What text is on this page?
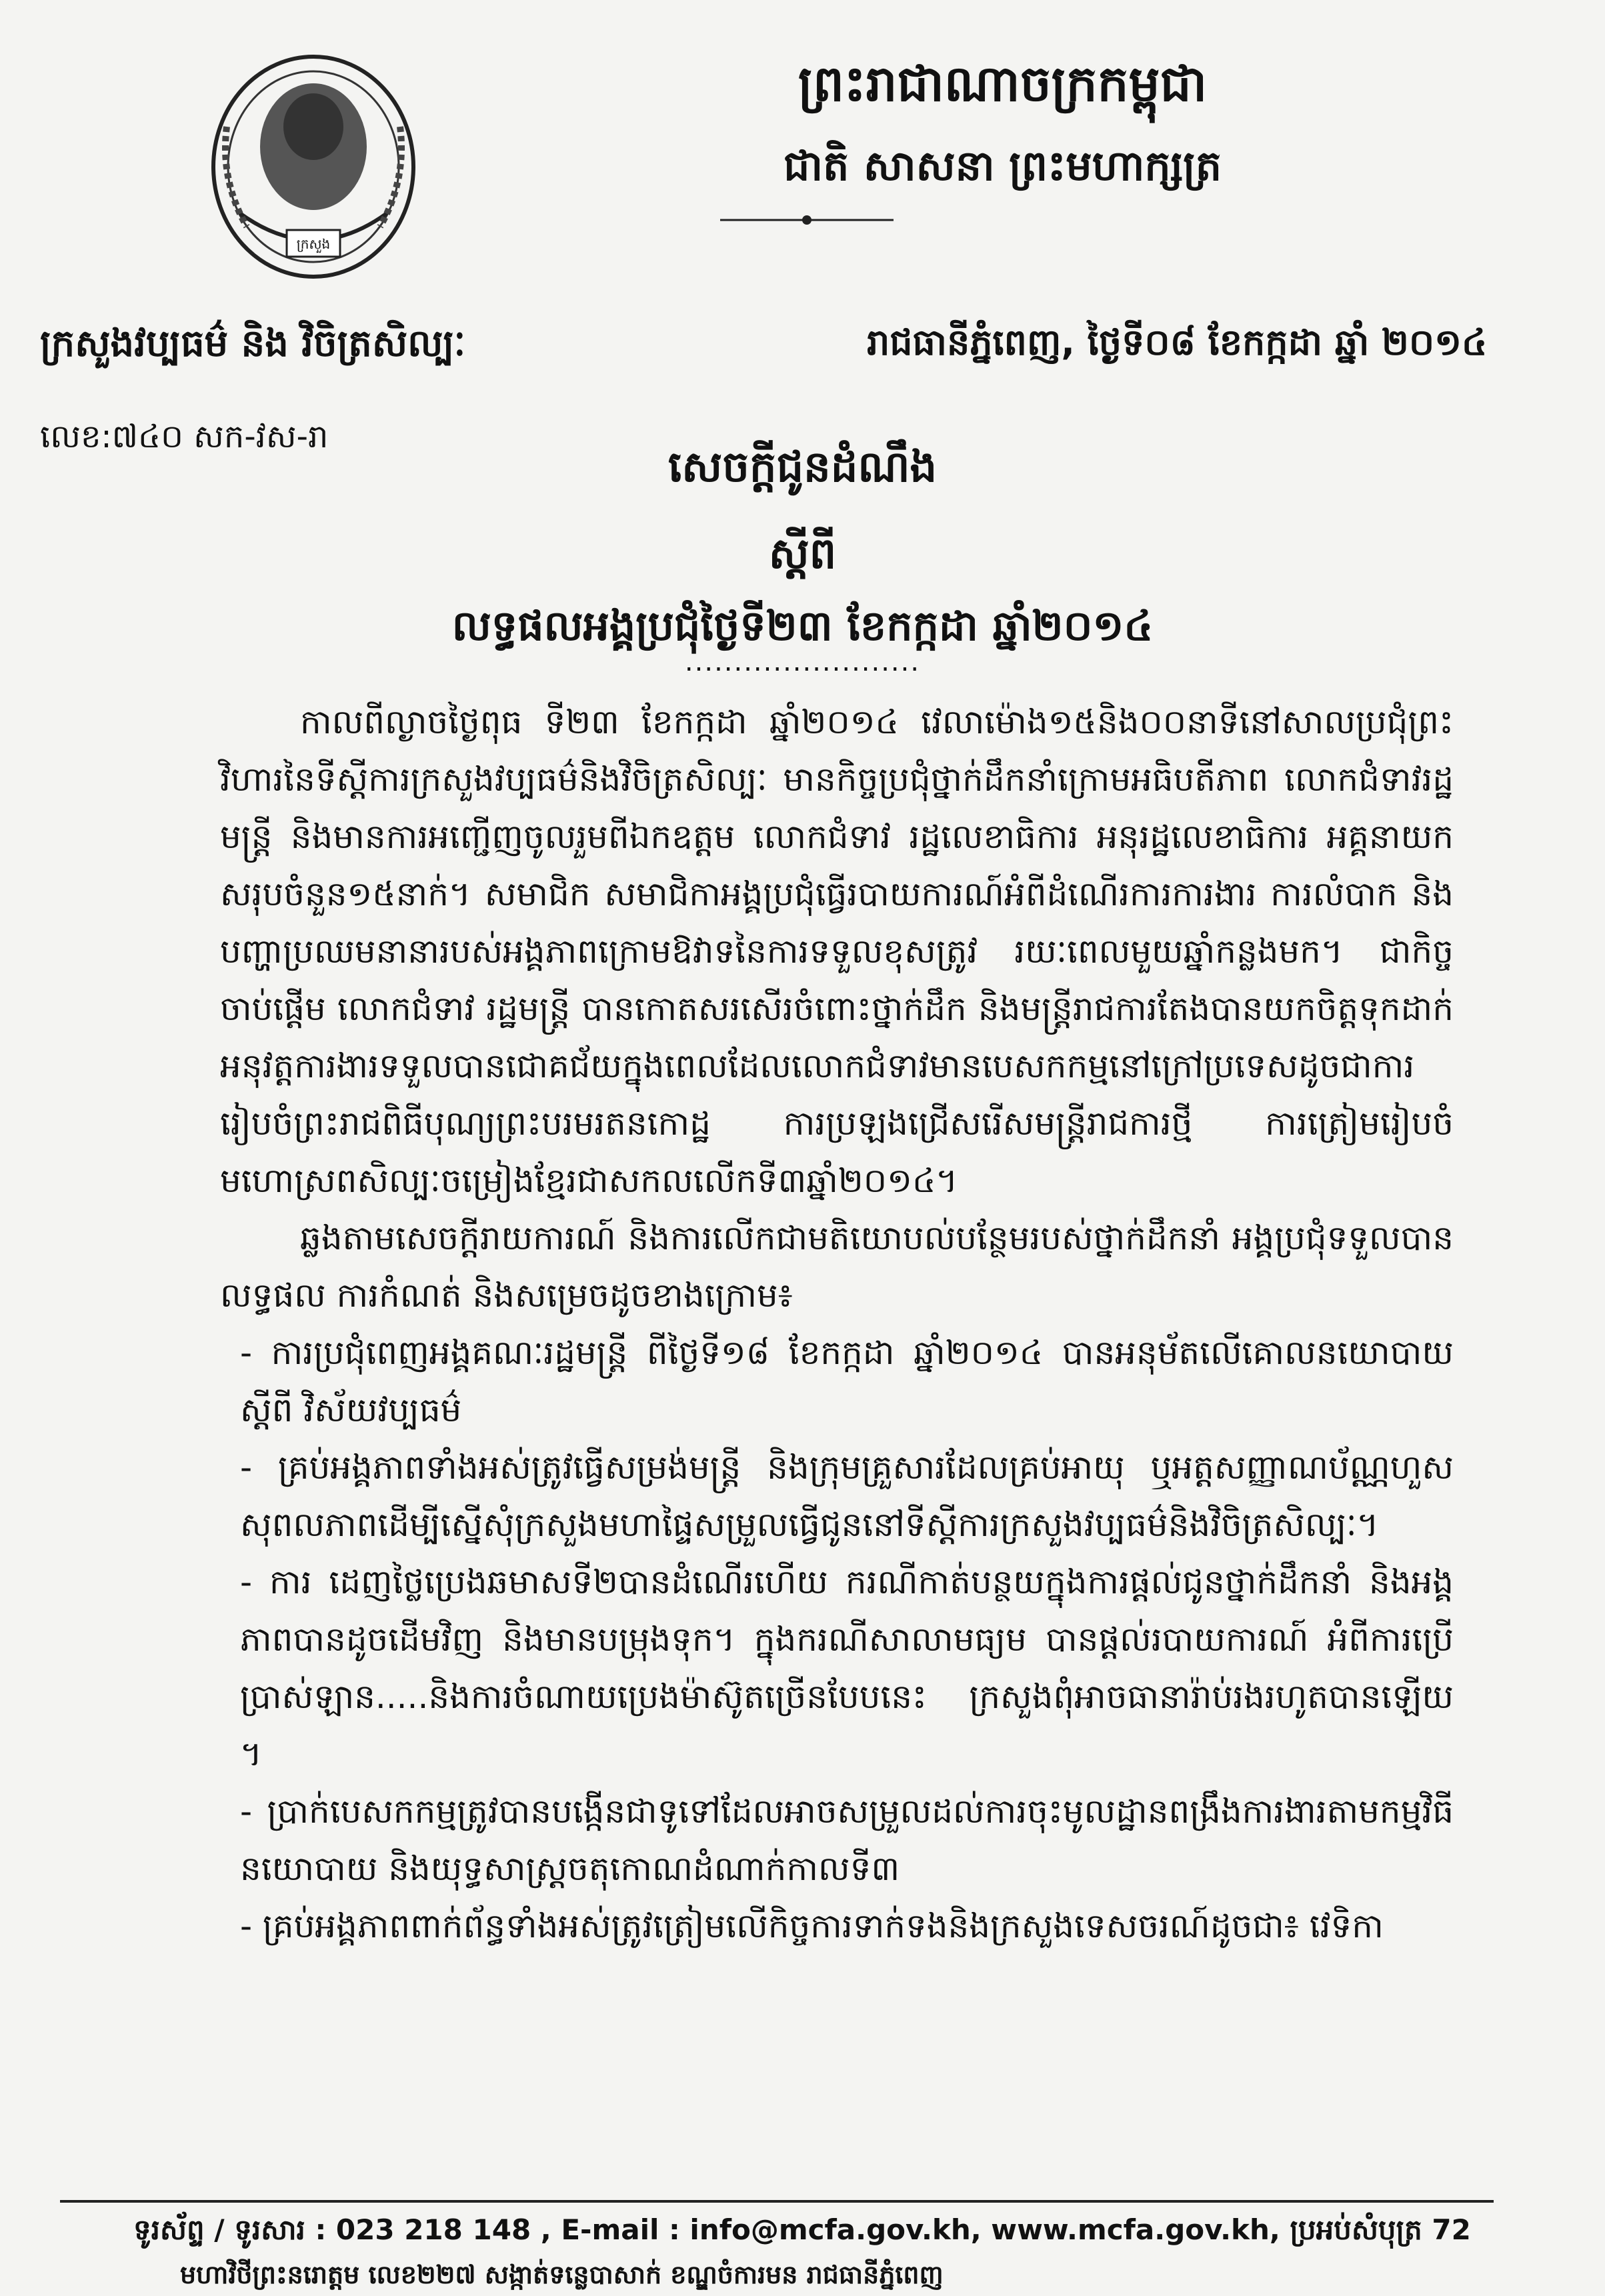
ក្រសួង
ព្រះរាជាណាចក្រកម្ពុជា
ជាតិ សាសនា ព្រះមហាក្សត្រ
ក្រសួងវប្បធម៌ និង វិចិត្រសិល្បៈ	រាជធានីភ្នំពេញ, ថ្ងៃទី០៨ ខែកក្កដា ឆ្នាំ ២០១៤
លេខ:៧៤០ សក-វស-រា
សេចក្តីជូនដំណឹង
ស្តីពី
លទ្ធផលអង្គប្រជុំថ្ងៃទី២៣ ខែកក្កដា ឆ្នាំ២០១៤
........................

កាលពីល្ងាចថ្ងៃពុធ ទី២៣ ខែកក្កដា ឆ្នាំ២០១៤ វេលាម៉ោង១៥និង០០នាទីនៅសាលប្រជុំព្រះវិហារនៃទីស្តីការក្រសួងវប្បធម៌និងវិចិត្រសិល្បៈ មានកិច្ចប្រជុំថ្នាក់ដឹកនាំក្រោមអធិបតីភាព លោកជំទាវរដ្ឋមន្ត្រី និងមានការអញ្ជើញចូលរួមពីឯកឧត្តម លោកជំទាវ រដ្ឋលេខាធិការ អនុរដ្ឋលេខាធិការ អគ្គនាយក សរុបចំនួន១៥នាក់។ សមាជិក សមាជិកាអង្គប្រជុំធ្វើរបាយការណ៍អំពីដំណើរការការងារ ការលំបាក និងបញ្ហាប្រឈមនានារបស់អង្គភាពក្រោមឱវាទនៃការទទួលខុសត្រូវ រយៈពេលមួយឆ្នាំកន្លងមក។ ជាកិច្ចចាប់ផ្តើម លោកជំទាវ រដ្ឋមន្ត្រី បានកោតសរសើរចំពោះថ្នាក់ដឹក និងមន្ត្រីរាជការតែងបានយកចិត្តទុកដាក់អនុវត្តការងារទទួលបានជោគជ័យក្នុងពេលដែលលោកជំទាវមានបេសកកម្មនៅក្រៅប្រទេសដូចជាការរៀបចំព្រះរាជពិធីបុណ្យព្រះបរមរតនកោដ្ឋ ការប្រឡងជ្រើសរើសមន្ត្រីរាជការថ្មី ការត្រៀមរៀបចំមហោស្រពសិល្បៈចម្រៀងខ្មែរជាសកលលើកទី៣ឆ្នាំ២០១៤។

ឆ្លងតាមសេចក្តីរាយការណ៍ និងការលើកជាមតិយោបល់បន្ថែមរបស់ថ្នាក់ដឹកនាំ អង្គប្រជុំទទួលបានលទ្ធផល ការកំណត់ និងសម្រេចដូចខាងក្រោម៖

- ការប្រជុំពេញអង្គគណៈរដ្ឋមន្ត្រី ពីថ្ងៃទី១៨ ខែកក្កដា ឆ្នាំ២០១៤ បានអនុម័តលើគោលនយោបាយស្តីពី វិស័យវប្បធម៌

- គ្រប់អង្គភាពទាំងអស់ត្រូវធ្វើសម្រង់មន្ត្រី និងក្រុមគ្រួសារដែលគ្រប់អាយុ ឬអត្តសញ្ញាណប័ណ្ណហួសសុពលភាពដើម្បីស្នើសុំក្រសួងមហាផ្ទៃសម្រួលធ្វើជូននៅទីស្តីការក្រសួងវប្បធម៌និងវិចិត្រសិល្បៈ។

- ការ ដេញថ្លៃប្រេងឆមាសទី២បានដំណើរហើយ ករណីកាត់បន្ថយក្នុងការផ្តល់ជូនថ្នាក់ដឹកនាំ និងអង្គភាពបានដូចដើមវិញ និងមានបម្រុងទុក។ ក្នុងករណីសាលាមធ្យម បានផ្តល់របាយការណ៍ អំពីការប្រើប្រាស់ឡាន.....និងការចំណាយប្រេងម៉ាស៊ូតច្រើនបែបនេះ ក្រសួងពុំអាចធានារ៉ាប់រងរហូតបានឡើយ ។

- ប្រាក់បេសកកម្មត្រូវបានបង្កើនជាទូទៅដែលអាចសម្រួលដល់ការចុះមូលដ្ឋានពង្រឹងការងារតាមកម្មវិធីនយោបាយ និងយុទ្ធសាស្ត្រចតុកោណដំណាក់កាលទី៣

- គ្រប់អង្គភាពពាក់ព័ន្ធទាំងអស់ត្រូវត្រៀមលើកិច្ចការទាក់ទងនិងក្រសួងទេសចរណ៍ដូចជា៖ វេទិកា

ទូរស័ព្ទ / ទូរសារ : 023 218 148 , E-mail : info@mcfa.gov.kh, www.mcfa.gov.kh, ប្រអប់សំបុត្រ 72
មហាវិថីព្រះនរោត្តម លេខ២២៧ សង្កាត់ទន្លេបាសាក់ ខណ្ឌចំការមន រាជធានីភ្នំពេញ
